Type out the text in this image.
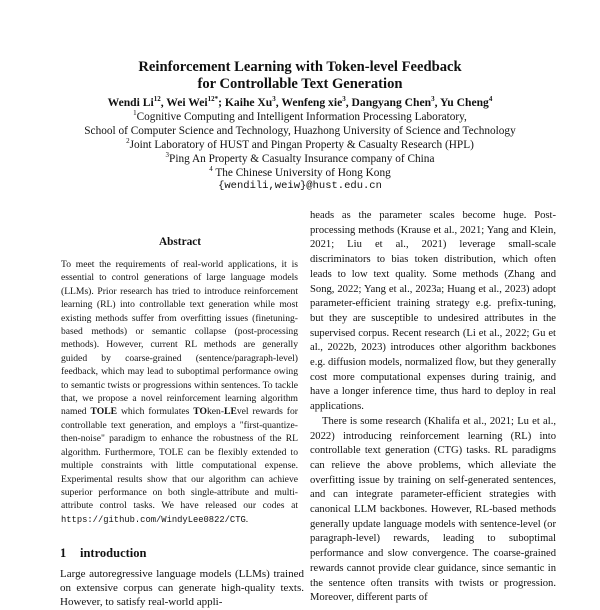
Reinforcement Learning with Token-level Feedback
for Controllable Text Generation
Wendi Li$^{12}$, Wei Wei$^{12*}$; Kaihe Xu$^3$, Wenfeng xie$^3$, Dangyang Chen$^3$, Yu Cheng$^4$
$^1$Cognitive Computing and Intelligent Information Processing Laboratory,
School of Computer Science and Technology, Huazhong University of Science and Technology
$^2$Joint Laboratory of HUST and Pingan Property & Casualty Research (HPL)
$^3$Ping An Property & Casualty Insurance company of China
$^4$ The Chinese University of Hong Kong
{wendili,weiw}@hust.edu.cn
Abstract
To meet the requirements of real-world applications, it is essential to control generations of large language models (LLMs). Prior research has tried to introduce reinforcement learning (RL) into controllable text generation while most existing methods suffer from overfitting issues (finetuning-based methods) or semantic collapse (post-processing methods). However, current RL methods are generally guided by coarse-grained (sentence/paragraph-level) feedback, which may lead to suboptimal performance owing to semantic twists or progressions within sentences. To tackle that, we propose a novel reinforcement learning algorithm named TOLE which formulates TOken-LEvel rewards for controllable text generation, and employs a "first-quantize-then-noise" paradigm to enhance the robustness of the RL algorithm. Furthermore, TOLE can be flexibly extended to multiple constraints with little computational expense. Experimental results show that our algorithm can achieve superior performance on both single-attribute and multi-attribute control tasks. We have released our codes at https://github.com/WindyLee0822/CTG.
1 introduction
Large autoregressive language models (LLMs) trained on extensive corpus can generate high-quality texts. However, to satisfy real-world appli-

heads as the parameter scales become huge. Post-processing methods (Krause et al., 2021; Yang and Klein, 2021; Liu et al., 2021) leverage small-scale discriminators to bias token distribution, which often leads to low text quality. Some methods (Zhang and Song, 2022; Yang et al., 2023a; Huang et al., 2023) adopt parameter-efficient training strategy e.g. prefix-tuning, but they are susceptible to undesired attributes in the supervised corpus. Recent research (Li et al., 2022; Gu et al., 2022b, 2023) introduces other algorithm backbones e.g. diffusion models, normalized flow, but they generally cost more computational expenses during trainig, and have a longer inference time, thus hard to deploy in real applications.

There is some research (Khalifa et al., 2021; Lu et al., 2022) introducing reinforcement learning (RL) into controllable text generation (CTG) tasks. RL paradigms can relieve the above problems, which alleviate the overfitting issue by training on self-generated sentences, and can integrate parameter-efficient strategies with canonical LLM backbones. However, RL-based methods generally update language models with sentence-level (or paragraph-level) rewards, leading to suboptimal performance and slow convergence. The coarse-grained rewards cannot provide clear guidance, since semantic in the sentence often transits with twists or progression. Moreover, different parts of
